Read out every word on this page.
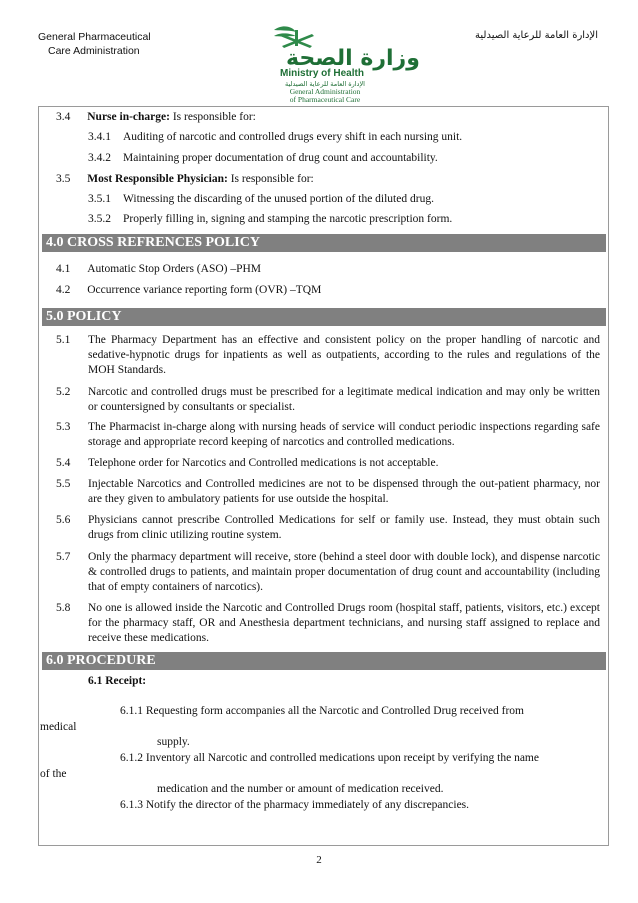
General Pharmaceutical
Care Administration
الإدارة العامة للرعاية الصيدلية
وزارة الصحة
Ministry of Health
الإدارة العامة للرعاية الصيدلية
General Administration
of Pharmaceutical Care
3.4 Nurse in-charge: Is responsible for:
3.4.1 Auditing of narcotic and controlled drugs every shift in each nursing unit.
3.4.2 Maintaining proper documentation of drug count and accountability.
3.5 Most Responsible Physician: Is responsible for:
3.5.1 Witnessing the discarding of the unused portion of the diluted drug.
3.5.2 Properly filling in, signing and stamping the narcotic prescription form.
4.0 CROSS REFRENCES POLICY
4.1 Automatic Stop Orders (ASO) –PHM
4.2 Occurrence variance reporting form (OVR) –TQM
5.0 POLICY
5.1 The Pharmacy Department has an effective and consistent policy on the proper handling of narcotic and sedative-hypnotic drugs for inpatients as well as outpatients, according to the rules and regulations of the MOH Standards.
5.2 Narcotic and controlled drugs must be prescribed for a legitimate medical indication and may only be written or countersigned by consultants or specialist.
5.3 The Pharmacist in-charge along with nursing heads of service will conduct periodic inspections regarding safe storage and appropriate record keeping of narcotics and controlled medications.
5.4 Telephone order for Narcotics and Controlled medications is not acceptable.
5.5 Injectable Narcotics and Controlled medicines are not to be dispensed through the out-patient pharmacy, nor are they given to ambulatory patients for use outside the hospital.
5.6 Physicians cannot prescribe Controlled Medications for self or family use. Instead, they must obtain such drugs from clinic utilizing routine system.
5.7 Only the pharmacy department will receive, store (behind a steel door with double lock), and dispense narcotic & controlled drugs to patients, and maintain proper documentation of drug count and accountability (including that of empty containers of narcotics).
5.8 No one is allowed inside the Narcotic and Controlled Drugs room (hospital staff, patients, visitors, etc.) except for the pharmacy staff, OR and Anesthesia department technicians, and nursing staff assigned to replace and receive these medications.
6.0 PROCEDURE
6.1 Receipt:
6.1.1 Requesting form accompanies all the Narcotic and Controlled Drug received from
medical
supply.
6.1.2 Inventory all Narcotic and controlled medications upon receipt by verifying the name
of the
medication and the number or amount of medication received.
6.1.3 Notify the director of the pharmacy immediately of any discrepancies.
2
